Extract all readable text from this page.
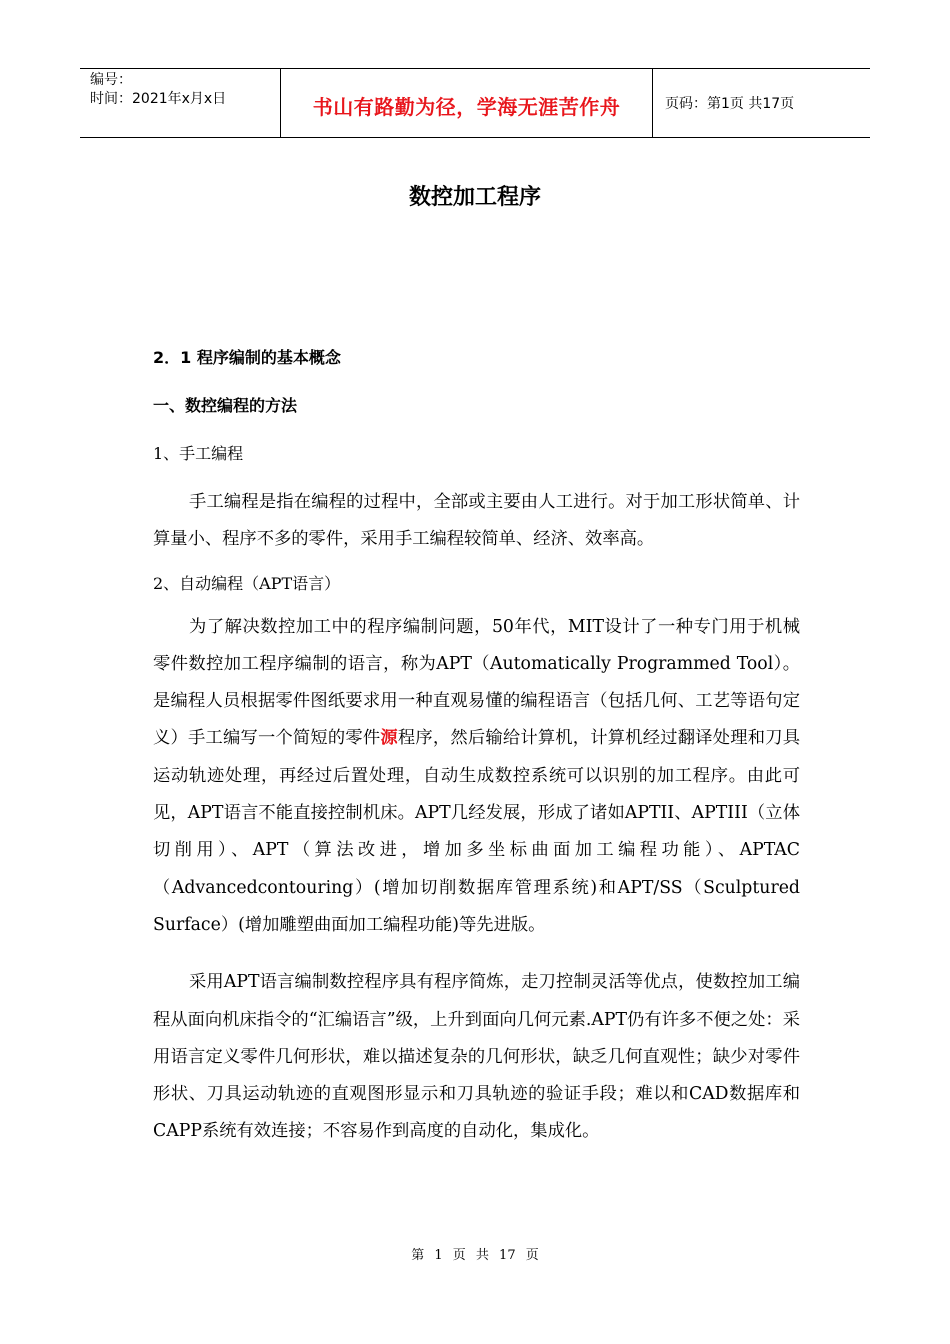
编号：
时间：2021年x月x日	书山有路勤为径，学海无涯苦作舟	页码：第1页 共17页
数控加工程序

2．1 程序编制的基本概念

一、数控编程的方法

1、手工编程

手工编程是指在编程的过程中，全部或主要由人工进行。对于加工形状简单、计算量小、程序不多的零件，采用手工编程较简单、经济、效率高。

2、自动编程（APT语言）

为了解决数控加工中的程序编制问题，50年代，MIT设计了一种专门用于机械零件数控加工程序编制的语言，称为APT（Automatically Programmed Tool）。是编程人员根据零件图纸要求用一种直观易懂的编程语言（包括几何、工艺等语句定义）手工编写一个简短的零件源程序，然后输给计算机，计算机经过翻译处理和刀具运动轨迹处理，再经过后置处理，自动生成数控系统可以识别的加工程序。由此可见，APT语言不能直接控制机床。APT几经发展，形成了诸如APTII、APTIII（立体切削用）、APT（算法改进，增加多坐标曲面加工编程功能）、APTAC（Advancedcontouring）(增加切削数据库管理系统)和APT/SS（Sculptured Surface）(增加雕塑曲面加工编程功能)等先进版。

采用APT语言编制数控程序具有程序简炼，走刀控制灵活等优点，使数控加工编程从面向机床指令的“汇编语言”级，上升到面向几何元素.APT仍有许多不便之处：采用语言定义零件几何形状，难以描述复杂的几何形状，缺乏几何直观性；缺少对零件形状、刀具运动轨迹的直观图形显示和刀具轨迹的验证手段；难以和CAD数据库和CAPP系统有效连接；不容易作到高度的自动化，集成化。

第 1 页 共 17 页
